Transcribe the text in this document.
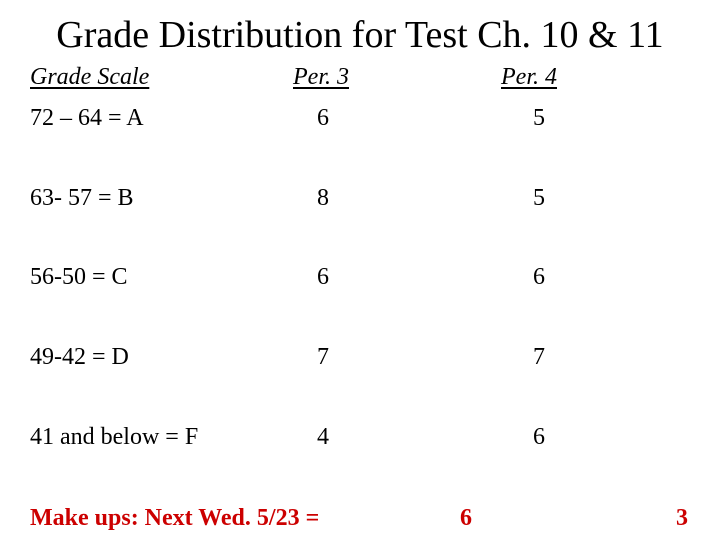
Grade Distribution for Test Ch. 10 & 11
Grade Scale	Per. 3	Per. 4
72 – 64 = A	6	5
63- 57 = B	8	5
56-50 = C	6	6
49-42 = D	7	7
41 and below = F	4	6
Make ups: Next Wed. 5/23 =	6	3
